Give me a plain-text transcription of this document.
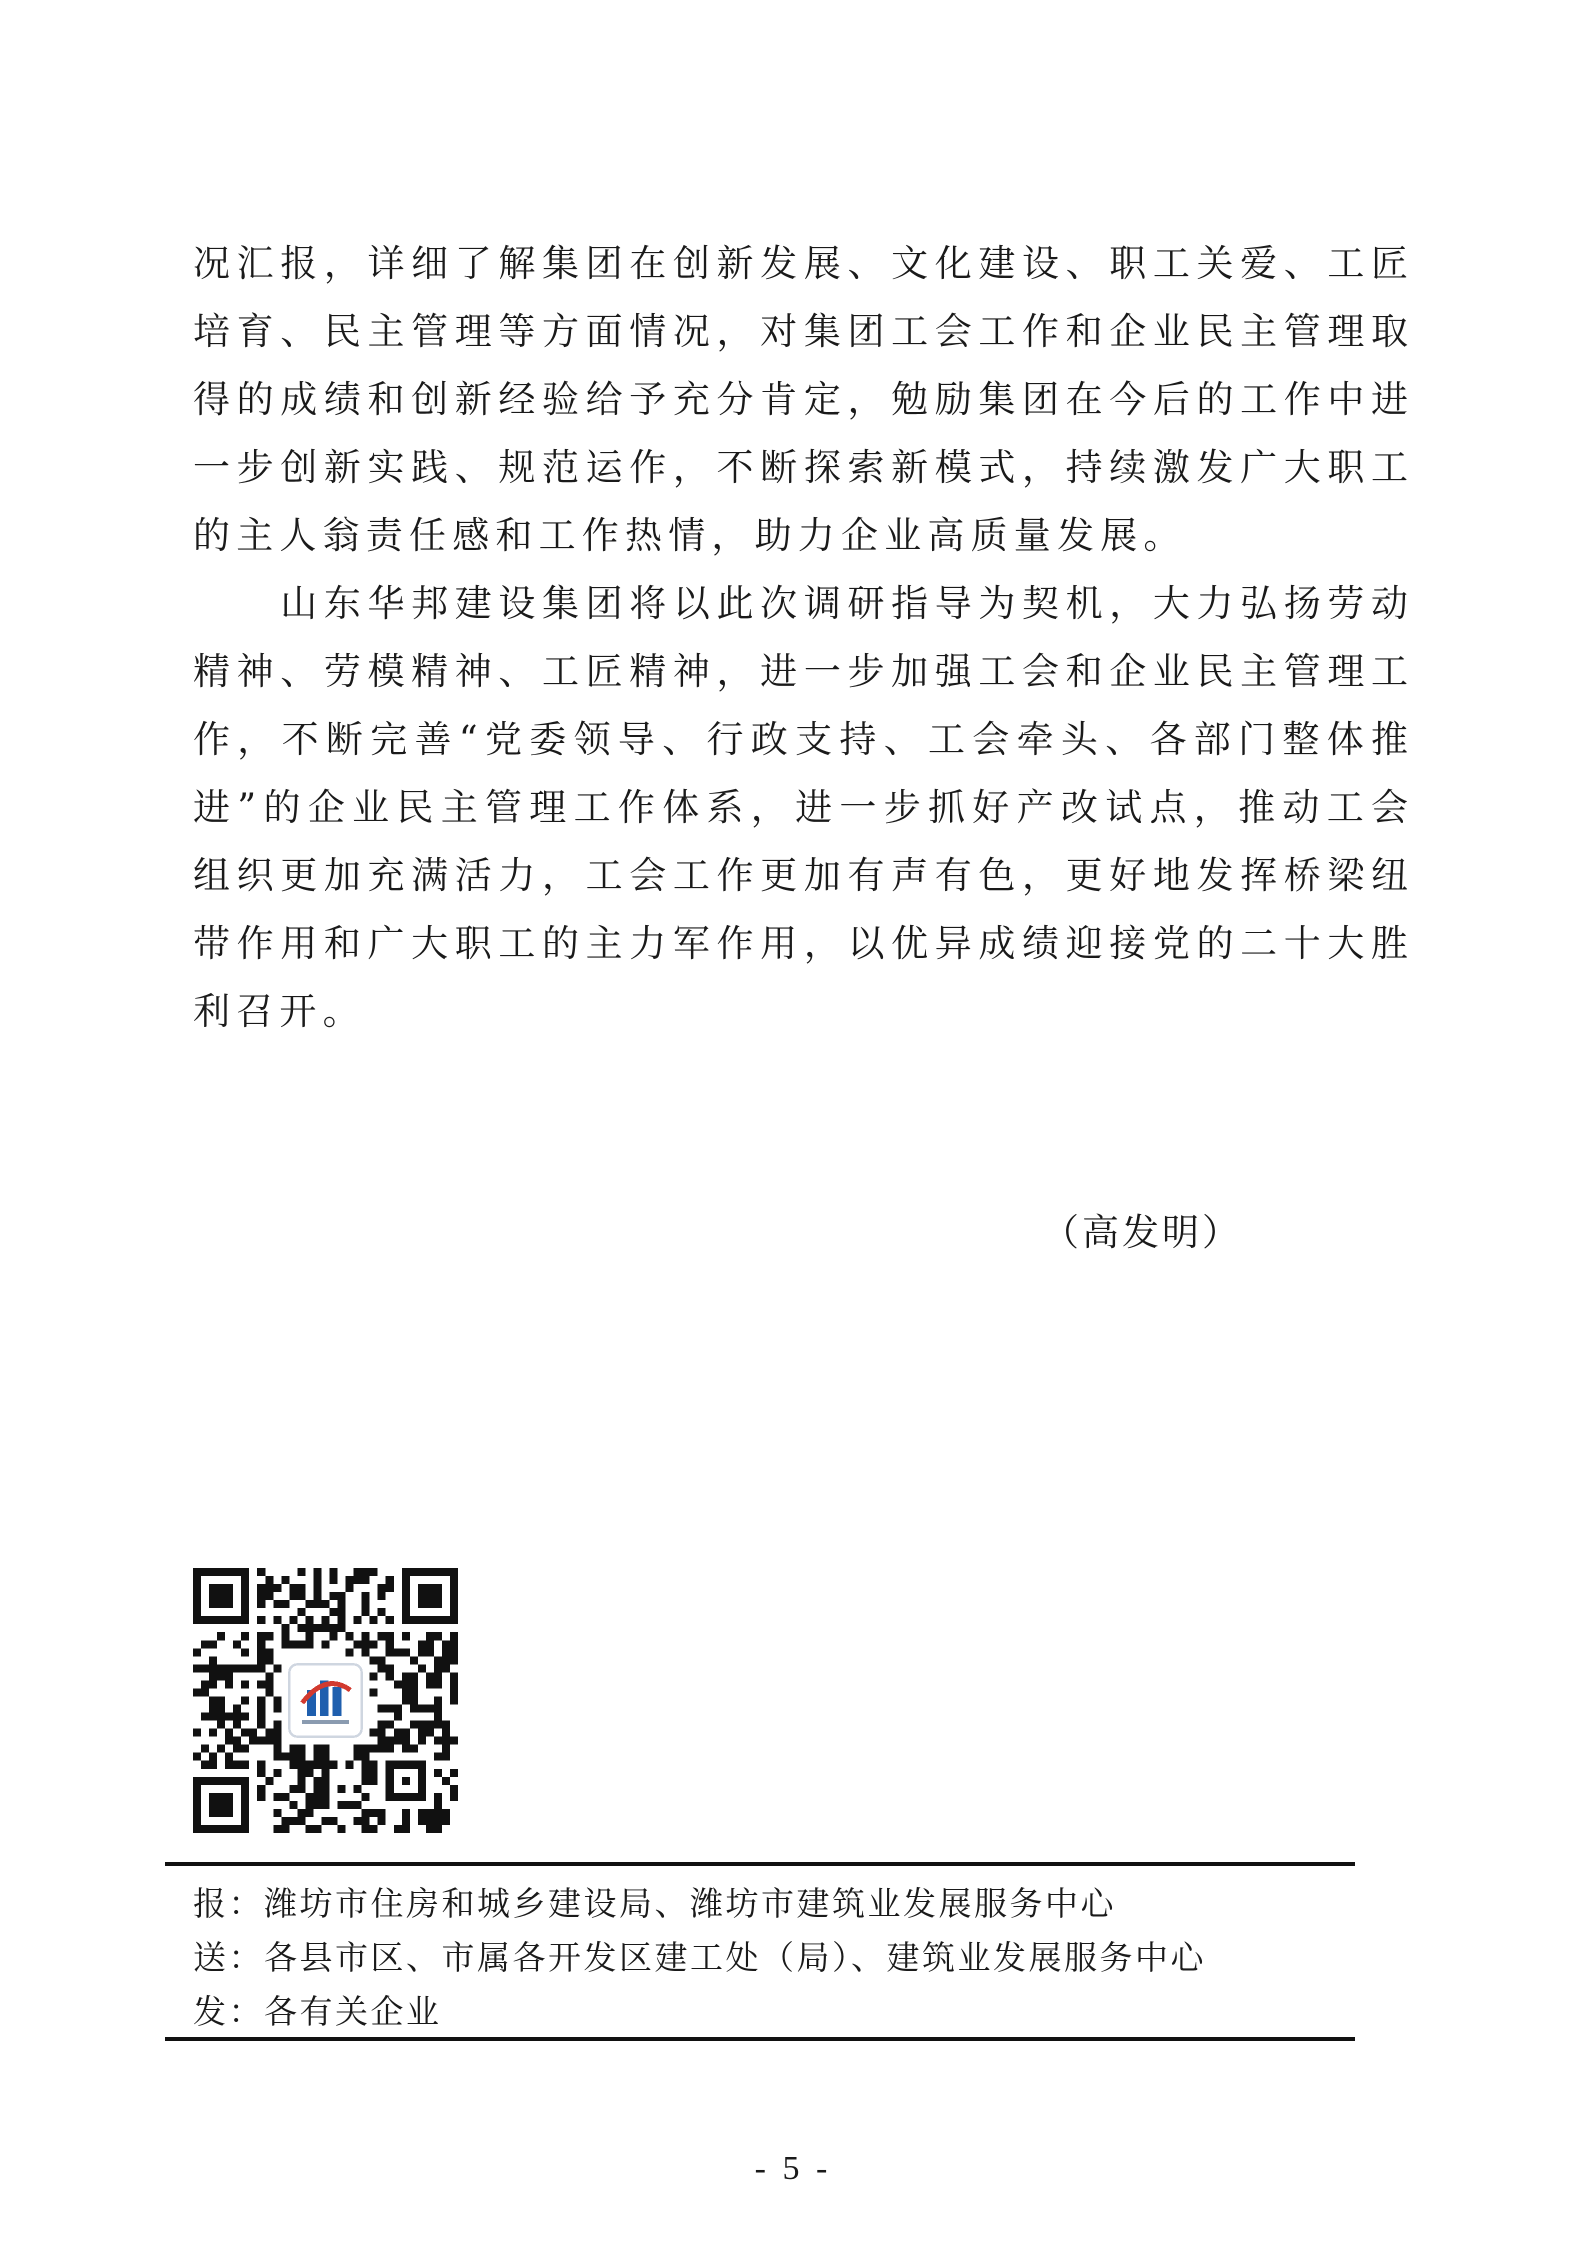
况汇报，详细了解集团在创新发展、文化建设、职工关爱、工匠
培育、民主管理等方面情况，对集团工会工作和企业民主管理取
得的成绩和创新经验给予充分肯定，勉励集团在今后的工作中进
一步创新实践、规范运作，不断探索新模式，持续激发广大职工
的主人翁责任感和工作热情，助力企业高质量发展。
　　山东华邦建设集团将以此次调研指导为契机，大力弘扬劳动
精神、劳模精神、工匠精神，进一步加强工会和企业民主管理工
作，不断完善“党委领导、行政支持、工会牵头、各部门整体推
进”的企业民主管理工作体系，进一步抓好产改试点，推动工会
组织更加充满活力，工会工作更加有声有色，更好地发挥桥梁纽
带作用和广大职工的主力军作用，以优异成绩迎接党的二十大胜
利召开。
（高发明）
报：潍坊市住房和城乡建设局、潍坊市建筑业发展服务中心
送：各县市区、市属各开发区建工处（局）、建筑业发展服务中心
发：各有关企业
- 5 -
